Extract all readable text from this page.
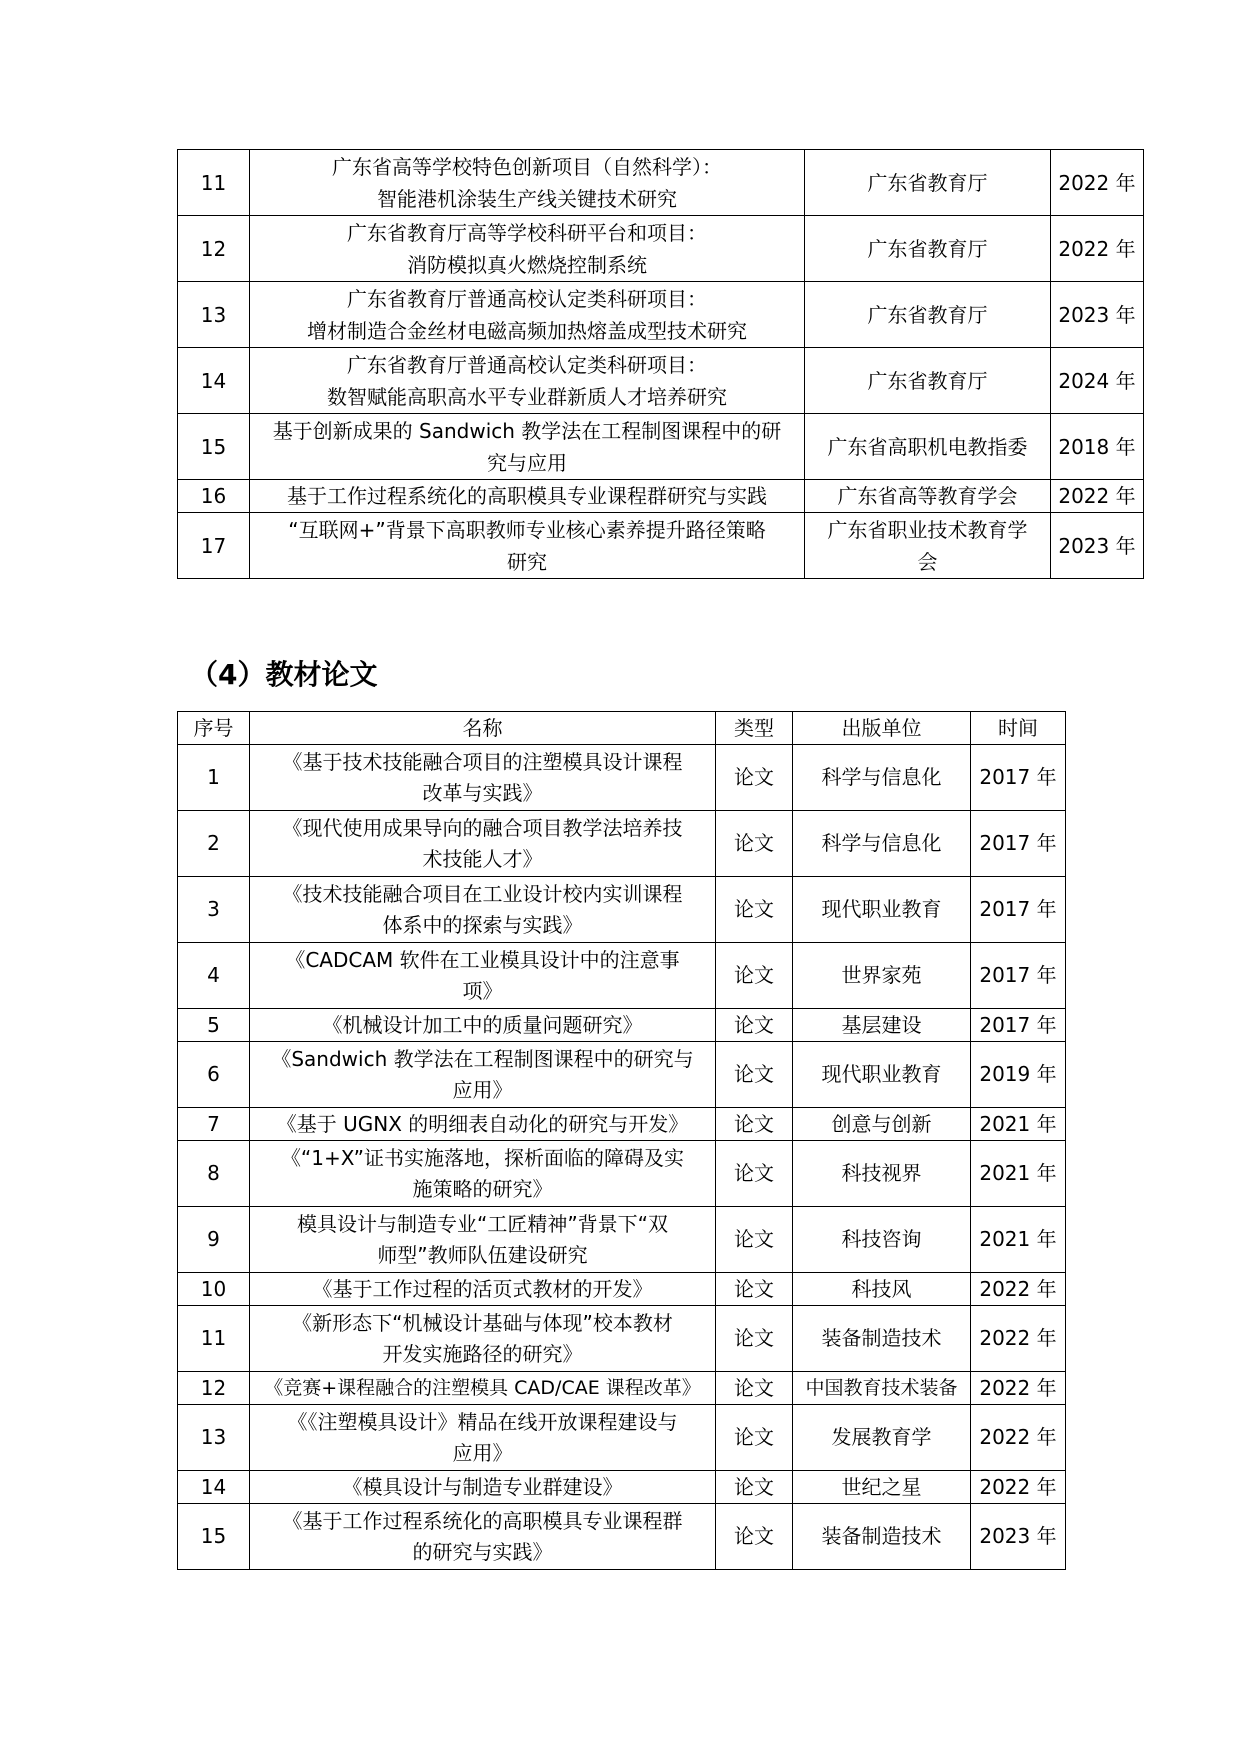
11	广东省高等学校特色创新项目（自然科学）：
智能港机涂装生产线关键技术研究	广东省教育厅	2022 年
12	广东省教育厅高等学校科研平台和项目：
消防模拟真火燃烧控制系统	广东省教育厅	2022 年
13	广东省教育厅普通高校认定类科研项目：
增材制造合金丝材电磁高频加热熔盖成型技术研究	广东省教育厅	2023 年
14	广东省教育厅普通高校认定类科研项目：
数智赋能高职高水平专业群新质人才培养研究	广东省教育厅	2024 年
15	基于创新成果的 Sandwich 教学法在工程制图课程中的研
究与应用	广东省高职机电教指委	2018 年
16	基于工作过程系统化的高职模具专业课程群研究与实践	广东省高等教育学会	2022 年
17	“互联网+”背景下高职教师专业核心素养提升路径策略
研究	广东省职业技术教育学
会	2023 年
（4）教材论文
序号	名称	类型	出版单位	时间
1	《基于技术技能融合项目的注塑模具设计课程
改革与实践》	论文	科学与信息化	2017 年
2	《现代使用成果导向的融合项目教学法培养技
术技能人才》	论文	科学与信息化	2017 年
3	《技术技能融合项目在工业设计校内实训课程
体系中的探索与实践》	论文	现代职业教育	2017 年
4	《CADCAM 软件在工业模具设计中的注意事
项》	论文	世界家苑	2017 年
5	《机械设计加工中的质量问题研究》	论文	基层建设	2017 年
6	《Sandwich 教学法在工程制图课程中的研究与
应用》	论文	现代职业教育	2019 年
7	《基于 UGNX 的明细表自动化的研究与开发》	论文	创意与创新	2021 年
8	《“1+X”证书实施落地，探析面临的障碍及实
施策略的研究》	论文	科技视界	2021 年
9	模具设计与制造专业“工匠精神”背景下“双
师型”教师队伍建设研究	论文	科技咨询	2021 年
10	《基于工作过程的活页式教材的开发》	论文	科技风	2022 年
11	《新形态下“机械设计基础与体现”校本教材
开发实施路径的研究》	论文	装备制造技术	2022 年
12	《竞赛+课程融合的注塑模具 CAD/CAE 课程改革》	论文	中国教育技术装备	2022 年
13	《《注塑模具设计》精品在线开放课程建设与
应用》	论文	发展教育学	2022 年
14	《模具设计与制造专业群建设》	论文	世纪之星	2022 年
15	《基于工作过程系统化的高职模具专业课程群
的研究与实践》	论文	装备制造技术	2023 年
